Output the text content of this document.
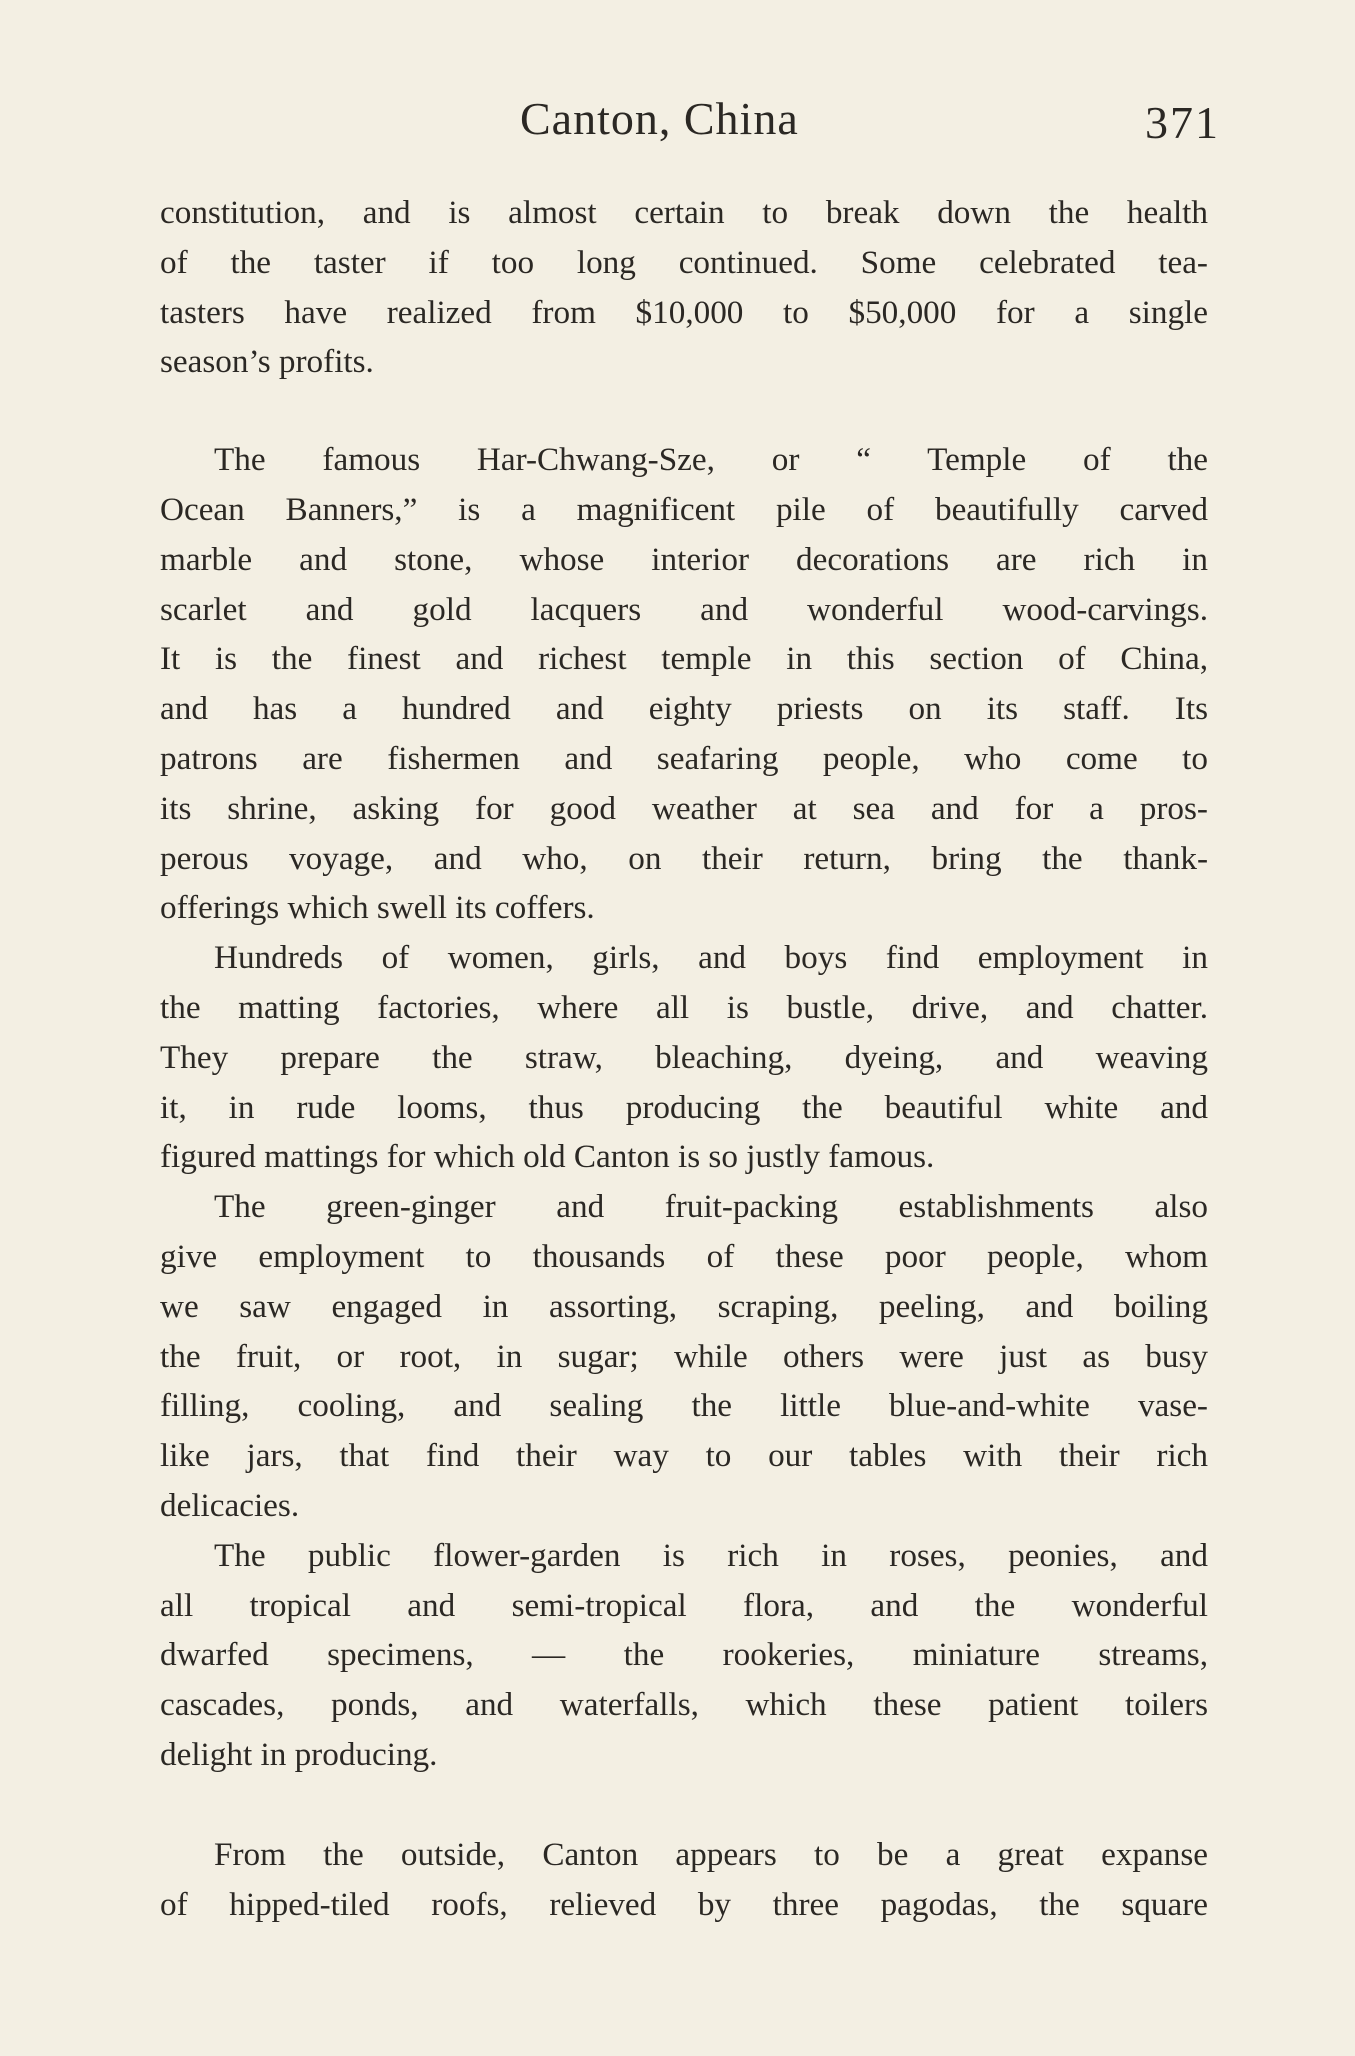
Canton, China	371

constitution, and is almost certain to break down the health
of the taster if too long continued. Some celebrated tea-
tasters have realized from $10,000 to $50,000 for a single
season’s profits.

The famous Har-Chwang-Sze, or “ Temple of the
Ocean Banners,” is a magnificent pile of beautifully carved
marble and stone, whose interior decorations are rich in
scarlet and gold lacquers and wonderful wood-carvings.
It is the finest and richest temple in this section of China,
and has a hundred and eighty priests on its staff. Its
patrons are fishermen and seafaring people, who come to
its shrine, asking for good weather at sea and for a pros-
perous voyage, and who, on their return, bring the thank-
offerings which swell its coffers.

Hundreds of women, girls, and boys find employment in
the matting factories, where all is bustle, drive, and chatter.
They prepare the straw, bleaching, dyeing, and weaving
it, in rude looms, thus producing the beautiful white and
figured mattings for which old Canton is so justly famous.

The green-ginger and fruit-packing establishments also
give employment to thousands of these poor people, whom
we saw engaged in assorting, scraping, peeling, and boiling
the fruit, or root, in sugar; while others were just as busy
filling, cooling, and sealing the little blue-and-white vase-
like jars, that find their way to our tables with their rich
delicacies.

The public flower-garden is rich in roses, peonies, and
all tropical and semi-tropical flora, and the wonderful
dwarfed specimens, — the rookeries, miniature streams,
cascades, ponds, and waterfalls, which these patient toilers
delight in producing.

From the outside, Canton appears to be a great expanse
of hipped-tiled roofs, relieved by three pagodas, the square
